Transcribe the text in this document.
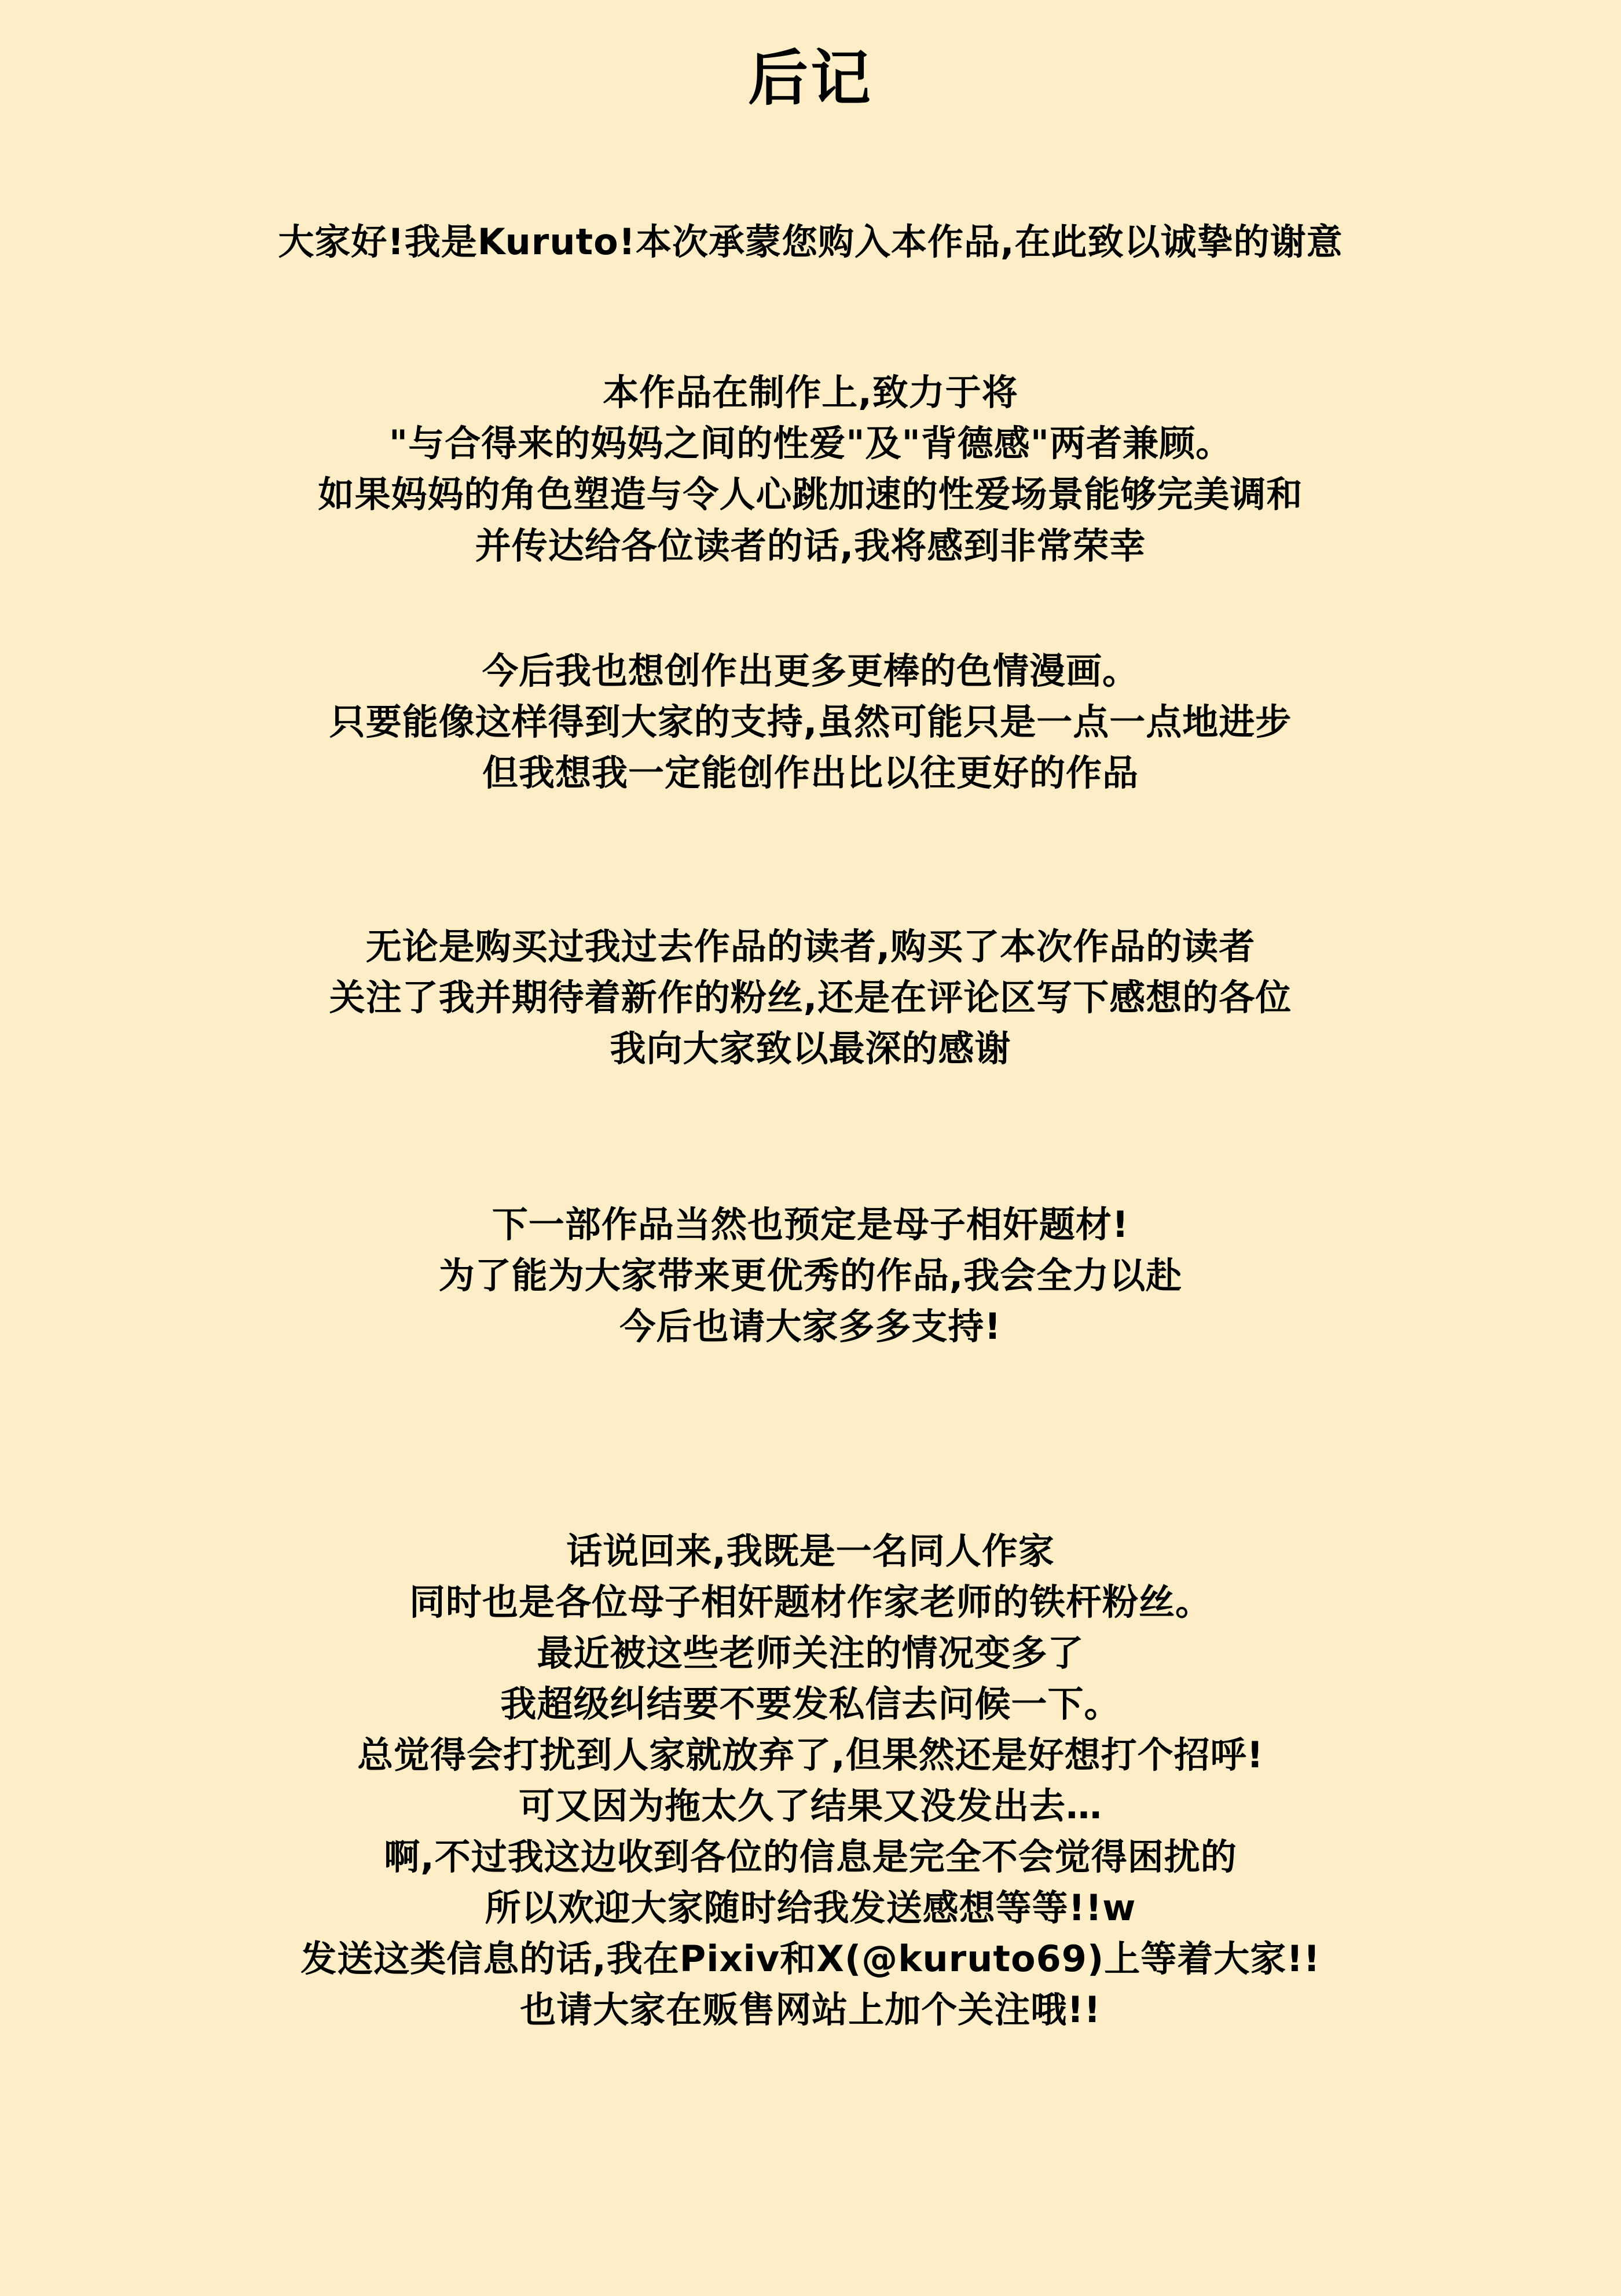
后记
大家好!我是Kuruto!本次承蒙您购入本作品,在此致以诚挚的谢意
本作品在制作上,致力于将
"与合得来的妈妈之间的性爱"及"背德感"两者兼顾。
如果妈妈的角色塑造与令人心跳加速的性爱场景能够完美调和
并传达给各位读者的话,我将感到非常荣幸
今后我也想创作出更多更棒的色情漫画。
只要能像这样得到大家的支持,虽然可能只是一点一点地进步
但我想我一定能创作出比以往更好的作品
无论是购买过我过去作品的读者,购买了本次作品的读者
关注了我并期待着新作的粉丝,还是在评论区写下感想的各位
我向大家致以最深的感谢
下一部作品当然也预定是母子相奸题材!
为了能为大家带来更优秀的作品,我会全力以赴
今后也请大家多多支持!
话说回来,我既是一名同人作家
同时也是各位母子相奸题材作家老师的铁杆粉丝。
最近被这些老师关注的情况变多了
我超级纠结要不要发私信去问候一下。
总觉得会打扰到人家就放弃了,但果然还是好想打个招呼!
可又因为拖太久了结果又没发出去…
啊,不过我这边收到各位的信息是完全不会觉得困扰的
所以欢迎大家随时给我发送感想等等!!w
发送这类信息的话,我在Pixiv和X(@kuruto69)上等着大家!!
也请大家在贩售网站上加个关注哦!!
